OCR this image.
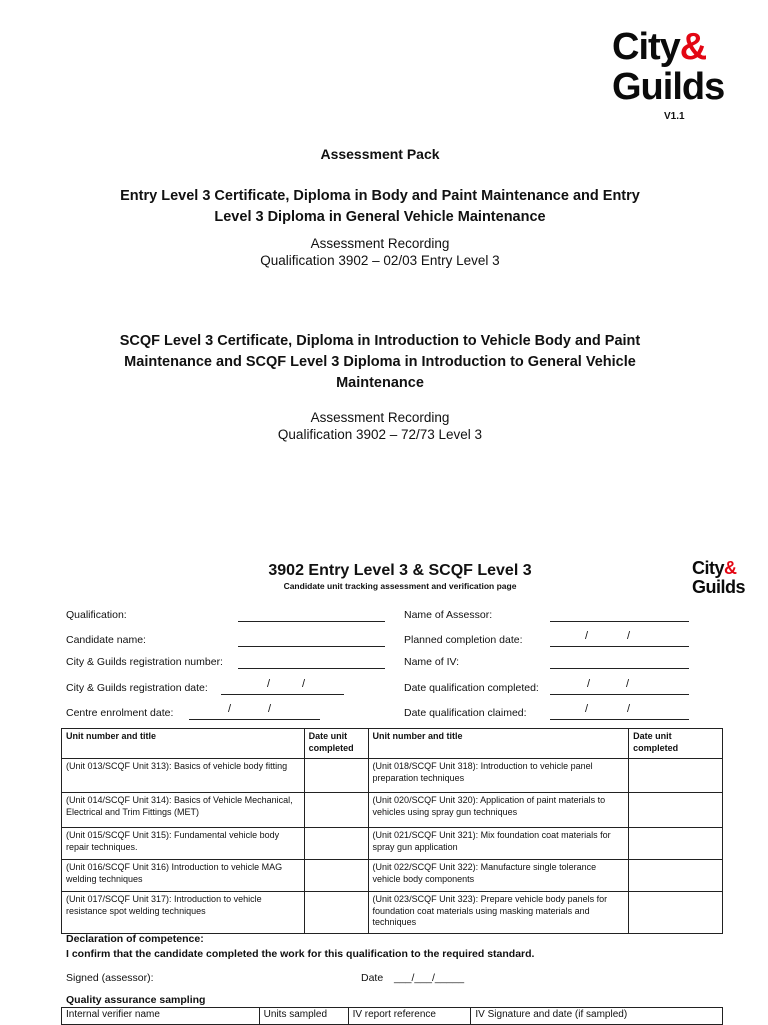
City&
Guilds
V1.1
Assessment Pack
Entry Level 3 Certificate, Diploma in Body and Paint Maintenance and Entry
Level 3 Diploma in General Vehicle Maintenance
Assessment Recording
Qualification 3902 – 02/03 Entry Level 3
SCQF Level 3 Certificate, Diploma in Introduction to Vehicle Body and Paint
Maintenance and SCQF Level 3 Diploma in Introduction to General Vehicle
Maintenance
Assessment Recording
Qualification 3902 – 72/73 Level 3
3902 Entry Level 3 & SCQF Level 3
Candidate unit tracking assessment and verification page
City&
Guilds
Qualification:
Candidate name:
City & Guilds registration number:
City & Guilds registration date:	/	/
Centre enrolment date:	/	/
Name of Assessor:
Planned completion date:	/	/
Name of IV:
Date qualification completed:	/	/
Date qualification claimed:	/	/
Unit number and title	Date unit completed	Unit number and title	Date unit completed
(Unit 013/SCQF Unit 313): Basics of vehicle body fitting		(Unit 018/SCQF Unit 318): Introduction to vehicle panel preparation techniques	
(Unit 014/SCQF Unit 314): Basics of Vehicle Mechanical, Electrical and Trim Fittings (MET)		(Unit 020/SCQF Unit 320): Application of paint materials to vehicles using spray gun techniques	
(Unit 015/SCQF Unit 315): Fundamental vehicle body repair techniques.		(Unit 021/SCQF Unit 321): Mix foundation coat materials for spray gun application	
(Unit 016/SCQF Unit 316) Introduction to vehicle MAG welding techniques		(Unit 022/SCQF Unit 322): Manufacture single tolerance vehicle body components	
(Unit 017/SCQF Unit 317): Introduction to vehicle resistance spot welding techniques		(Unit 023/SCQF Unit 323): Prepare vehicle body panels for foundation coat materials using masking materials and techniques	
Declaration of competence:
I confirm that the candidate completed the work for this qualification to the required standard.
Signed (assessor):	Date ___/___/_____
Quality assurance sampling
Internal verifier name	Units sampled	IV report reference	IV Signature and date (if sampled)
